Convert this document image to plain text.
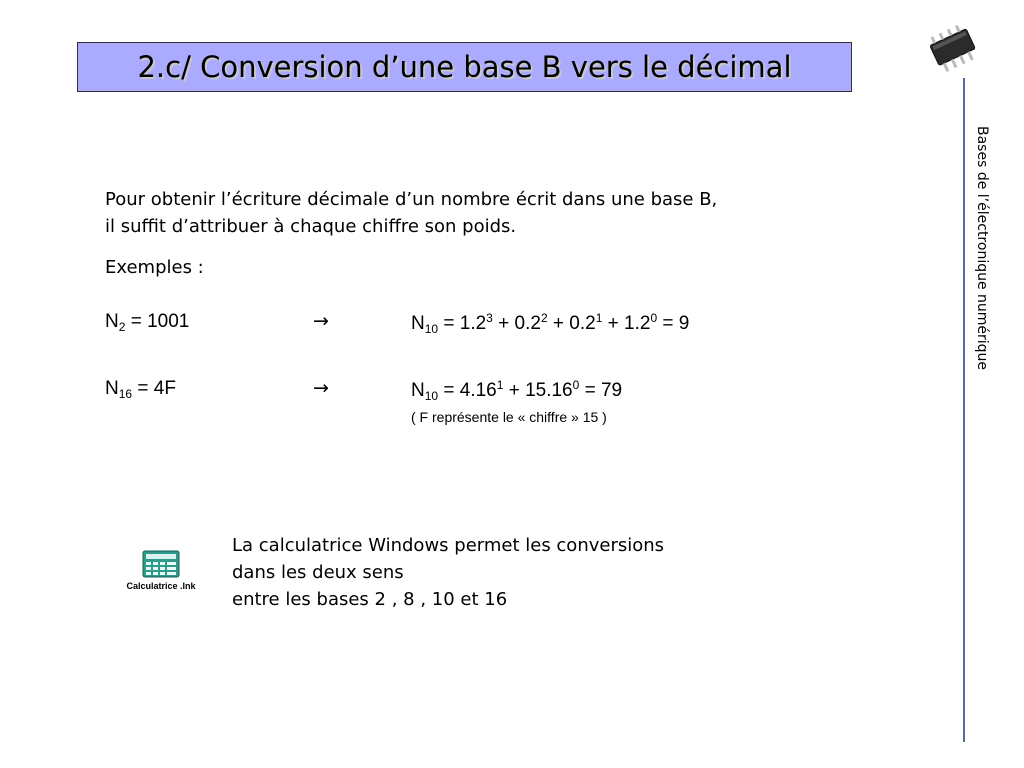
2.c/ Conversion d’une base B vers le décimal
Bases de l’électronique numérique

Pour obtenir l’écriture décimale d’un nombre écrit dans une base B,

il suffit d’attribuer à chaque chiffre son poids.

Exemples :
$N_2 = 1001$	→	$N_{10} = 1.2^3 + 0.2^2 + 0.2^1 + 1.2^0 = 9$
$N_{16} = 4F$	→	$N_{10} = 4.16^1 + 15.16^0 = 79$
( F représente le « chiffre » 15 )
Calculatrice .lnk

La calculatrice Windows permet les conversions

dans les deux sens

entre les bases 2 , 8 , 10 et 16
